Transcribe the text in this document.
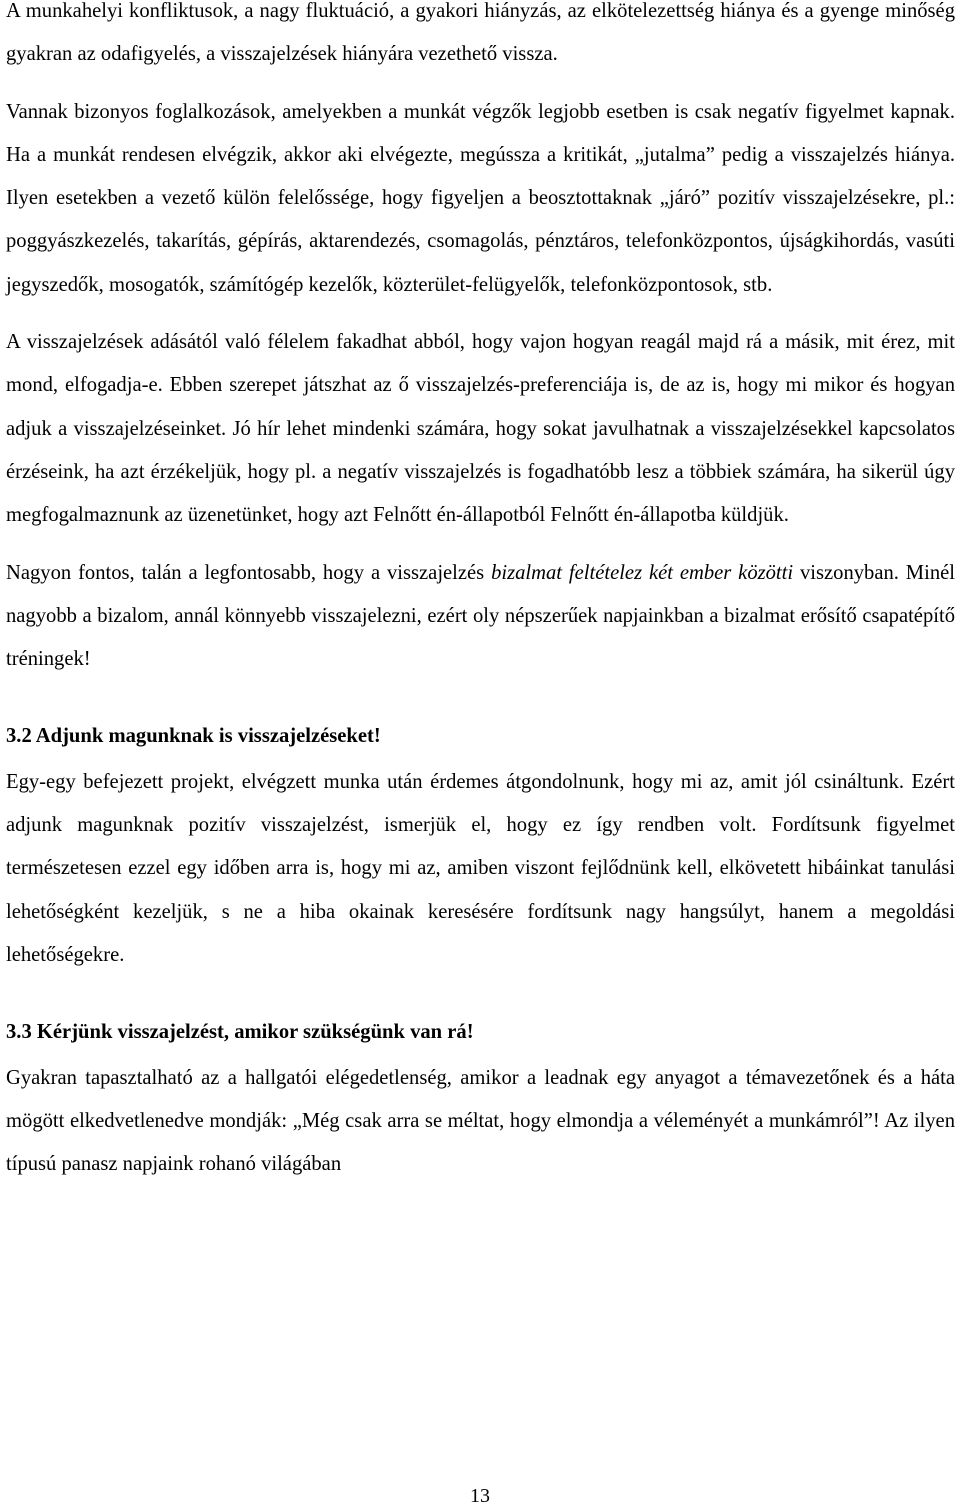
A munkahelyi konfliktusok, a nagy fluktuáció, a gyakori hiányzás, az elkötelezettség hiánya és a gyenge minőség gyakran az odafigyelés, a visszajelzések hiányára vezethető vissza.

Vannak bizonyos foglalkozások, amelyekben a munkát végzők legjobb esetben is csak negatív figyelmet kapnak. Ha a munkát rendesen elvégzik, akkor aki elvégezte, megússza a kritikát, „jutalma” pedig a visszajelzés hiánya. Ilyen esetekben a vezető külön felelőssége, hogy figyeljen a beosztottaknak „járó” pozitív visszajelzésekre, pl.: poggyászkezelés, takarítás, gépírás, aktarendezés, csomagolás, pénztáros, telefonközpontos, újságkihordás, vasúti jegyszedők, mosogatók, számítógép kezelők, közterület-felügyelők, telefonközpontosok, stb.

A visszajelzések adásától való félelem fakadhat abból, hogy vajon hogyan reagál majd rá a másik, mit érez, mit mond, elfogadja-e. Ebben szerepet játszhat az ő visszajelzés-preferenciája is, de az is, hogy mi mikor és hogyan adjuk a visszajelzéseinket. Jó hír lehet mindenki számára, hogy sokat javulhatnak a visszajelzésekkel kapcsolatos érzéseink, ha azt érzékeljük, hogy pl. a negatív visszajelzés is fogadhatóbb lesz a többiek számára, ha sikerül úgy megfogalmaznunk az üzenetünket, hogy azt Felnőtt én-állapotból Felnőtt én-állapotba küldjük.

Nagyon fontos, talán a legfontosabb, hogy a visszajelzés bizalmat feltételez két ember közötti viszonyban. Minél nagyobb a bizalom, annál könnyebb visszajelezni, ezért oly népszerűek napjainkban a bizalmat erősítő csapatépítő tréningek!

3.2 Adjunk magunknak is visszajelzéseket!

Egy-egy befejezett projekt, elvégzett munka után érdemes átgondolnunk, hogy mi az, amit jól csináltunk. Ezért adjunk magunknak pozitív visszajelzést, ismerjük el, hogy ez így rendben volt. Fordítsunk figyelmet természetesen ezzel egy időben arra is, hogy mi az, amiben viszont fejlődnünk kell, elkövetett hibáinkat tanulási lehetőségként kezeljük, s ne a hiba okainak keresésére fordítsunk nagy hangsúlyt, hanem a megoldási lehetőségekre.

3.3 Kérjünk visszajelzést, amikor szükségünk van rá!

Gyakran tapasztalható az a hallgatói elégedetlenség, amikor a leadnak egy anyagot a témavezetőnek és a háta mögött elkedvetlenedve mondják: „Még csak arra se méltat, hogy elmondja a véleményét a munkámról”! Az ilyen típusú panasz napjaink rohanó világában

13
